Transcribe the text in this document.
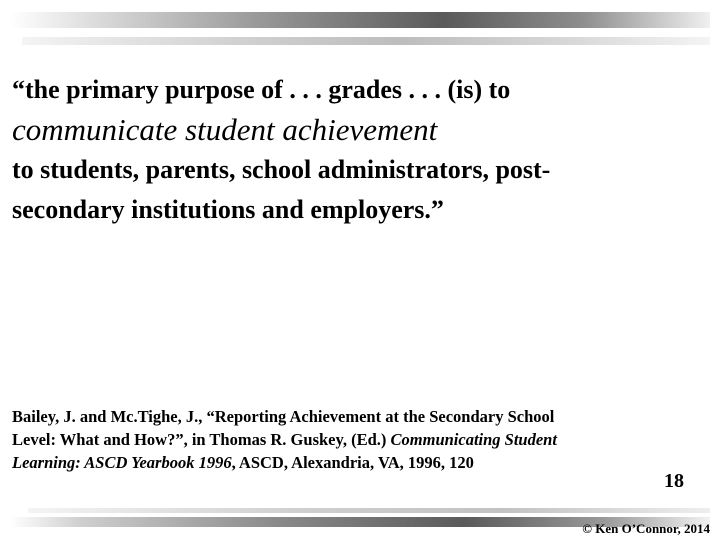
“the primary purpose of . . . grades . . . (is) to
communicate student achievement
to students, parents, school administrators, post-
secondary institutions and employers.”
Bailey, J. and Mc.Tighe, J., “Reporting Achievement at the Secondary School
Level: What and How?”, in Thomas R. Guskey, (Ed.) Communicating Student
Learning: ASCD Yearbook 1996, ASCD, Alexandria, VA, 1996, 120
18
© Ken O’Connor, 2014
